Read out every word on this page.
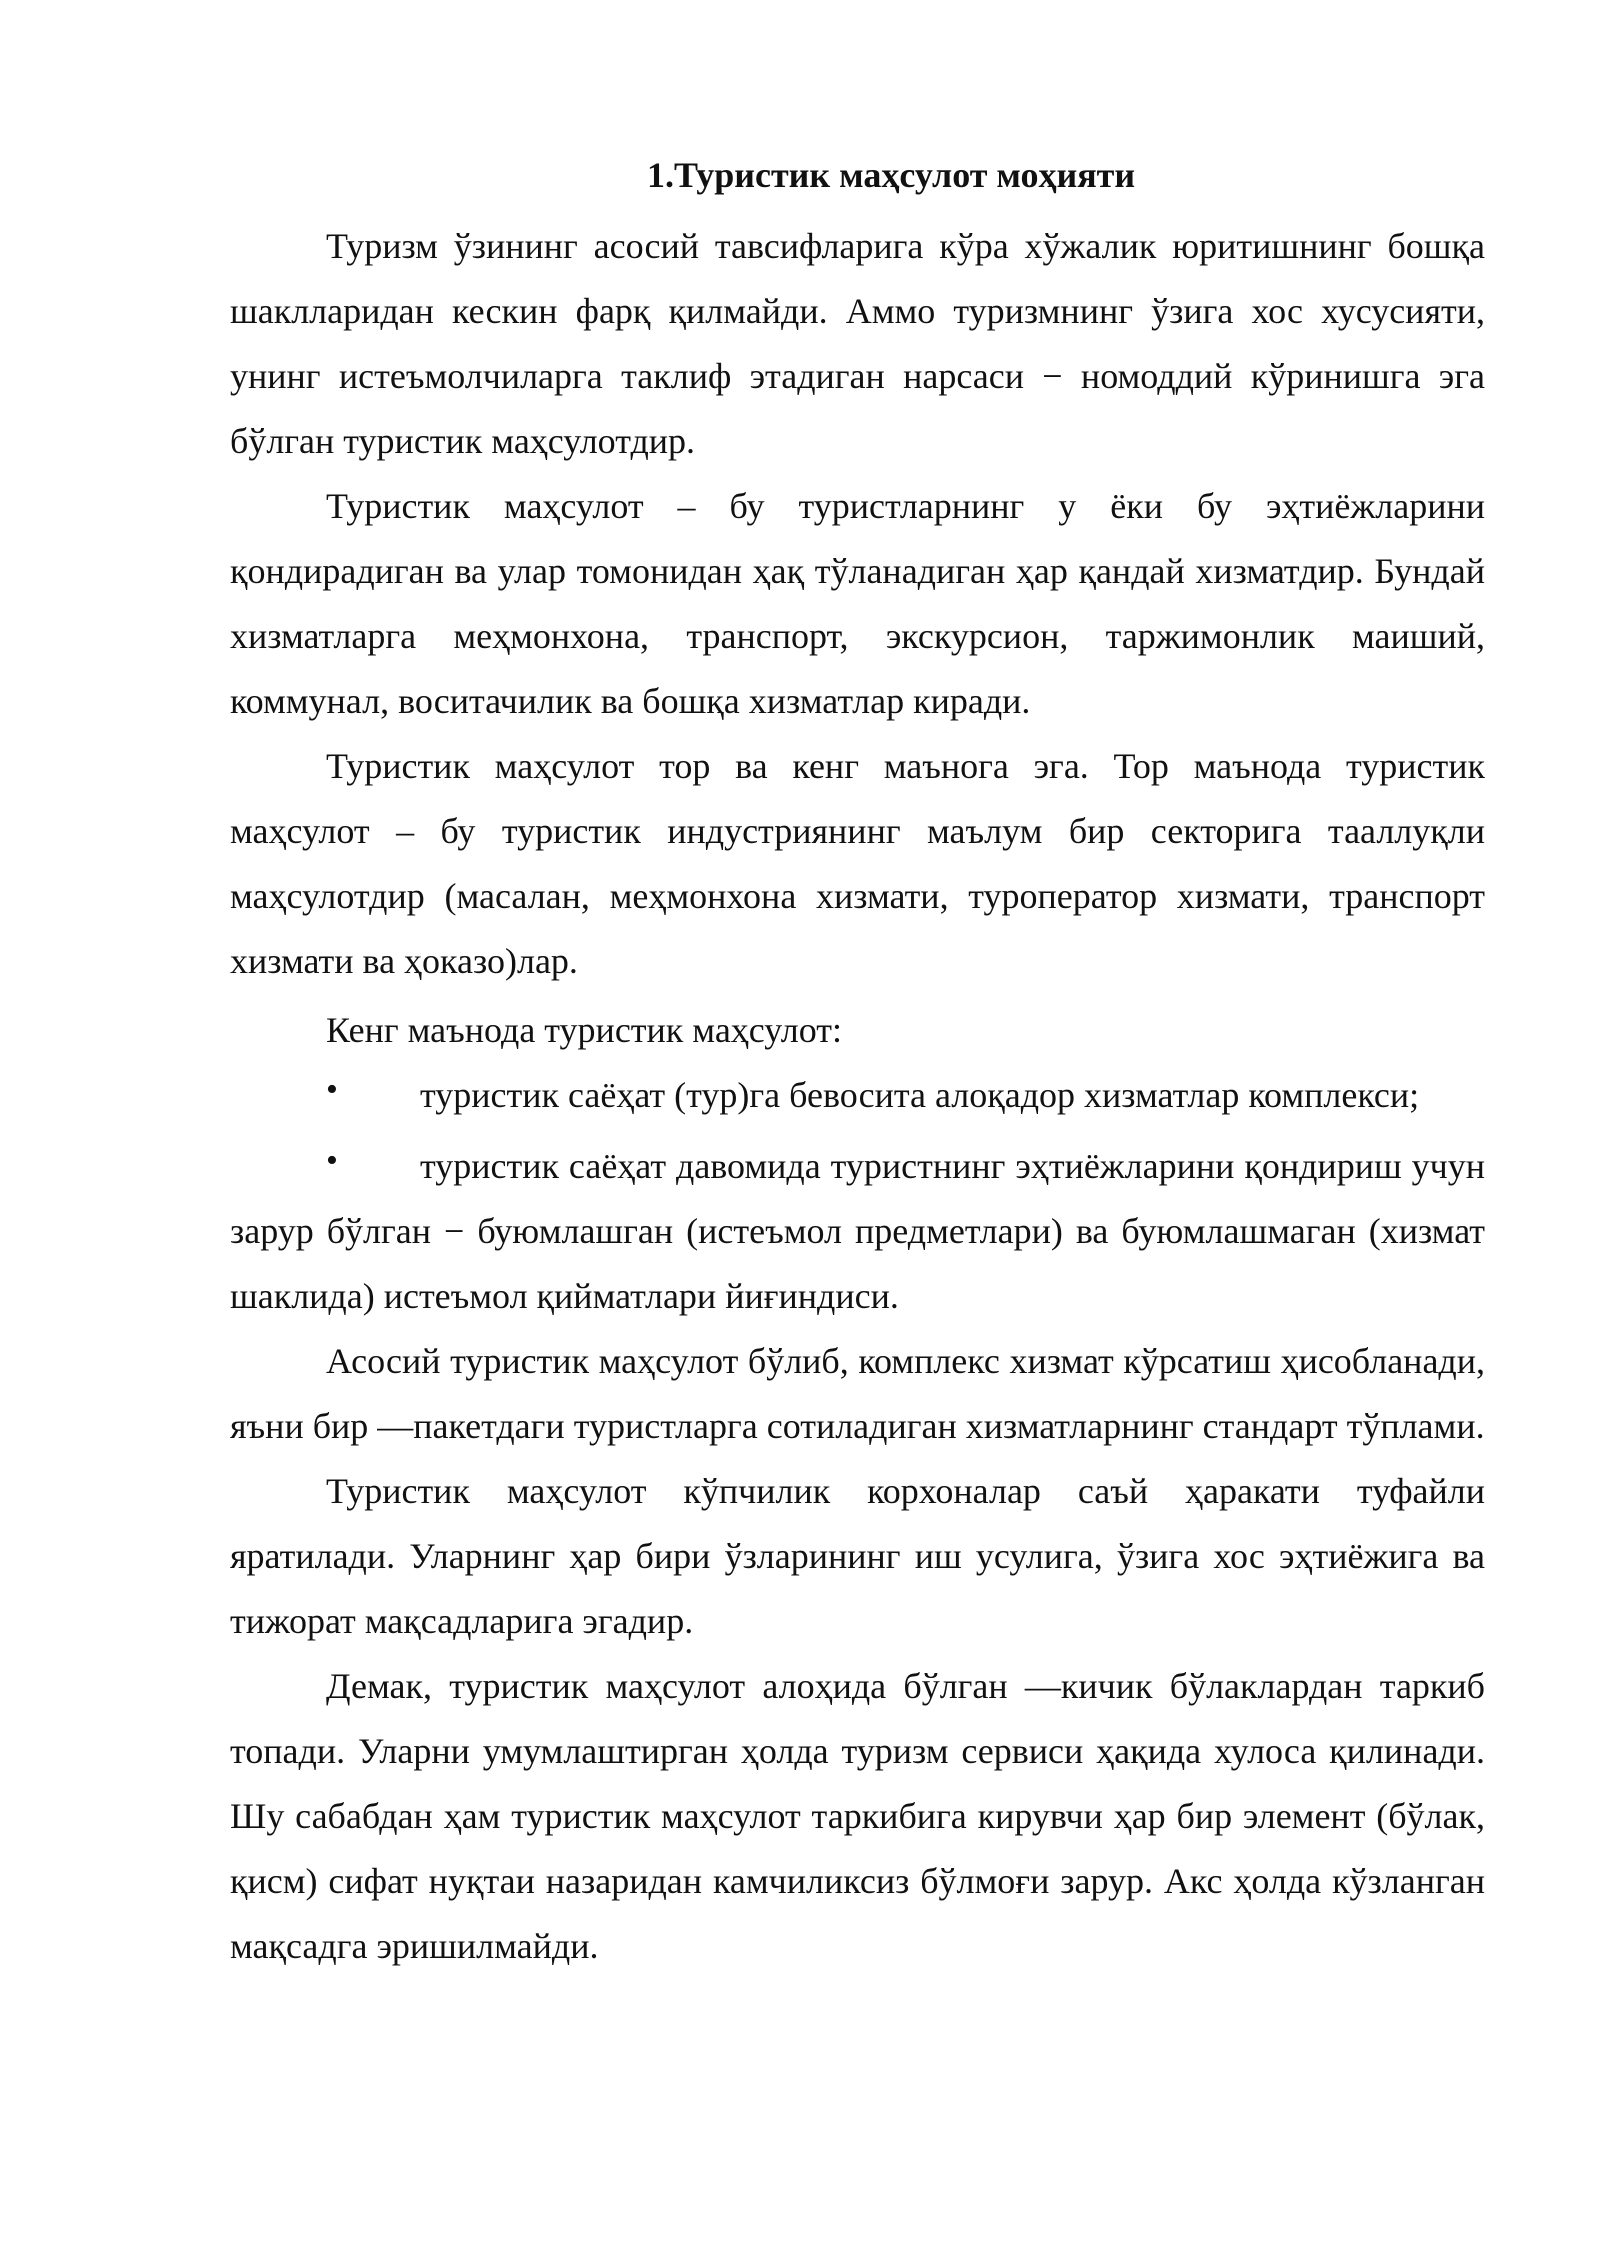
1.Туристик маҳсулот моҳияти

Туризм ўзининг асосий тавсифларига кўра хўжалик юритишнинг бошқа шаклларидан кескин фарқ қилмайди. Аммо туризмнинг ўзига хос хусусияти, унинг истеъмолчиларга таклиф этадиган нарсаси − номоддий кўринишга эга бўлган туристик маҳсулотдир.

Туристик маҳсулот – бу туристларнинг у ёки бу эҳтиёжларини қондирадиган ва улар томонидан ҳақ тўланадиган ҳар қандай хизматдир. Бундай хизматларга меҳмонхона, транспорт, экскурсион, таржимонлик маиший, коммунал, воситачилик ва бошқа хизматлар киради.

Туристик маҳсулот тор ва кенг маънога эга. Тор маънода туристик маҳсулот – бу туристик индустриянинг маълум бир секторига тааллуқли маҳсулотдир (масалан, меҳмонхона хизмати, туроператор хизмати, транспорт хизмати ва ҳоказо)лар.

Кенг маънода туристик маҳсулот:

•	туристик саёҳат (тур)га бевосита алоқадор хизматлар комплекси;
•	туристик саёҳат давомида туристнинг эҳтиёжларини қондириш учун зарур бўлган − буюмлашган (истеъмол предметлари) ва буюмлашмаган (хизмат шаклида) истеъмол қийматлари йиғиндиси.

Асосий туристик маҳсулот бўлиб, комплекс хизмат кўрсатиш ҳисобланади, яъни бир ―пакетдаги туристларга сотиладиган хизматларнинг стандарт тўплами.

Туристик маҳсулот кўпчилик корхоналар саъй ҳаракати туфайли яратилади. Уларнинг ҳар бири ўзларининг иш усулига, ўзига хос эҳтиёжига ва тижорат мақсадларига эгадир.

Демак, туристик маҳсулот алоҳида бўлган ―кичик бўлаклардан таркиб топади. Уларни умумлаштирган ҳолда туризм сервиси ҳақида хулоса қилинади. Шу сабабдан ҳам туристик маҳсулот таркибига кирувчи ҳар бир элемент (бўлак, қисм) сифат нуқтаи назаридан камчиликсиз бўлмоғи зарур. Акс ҳолда кўзланган мақсадга эришилмайди.
